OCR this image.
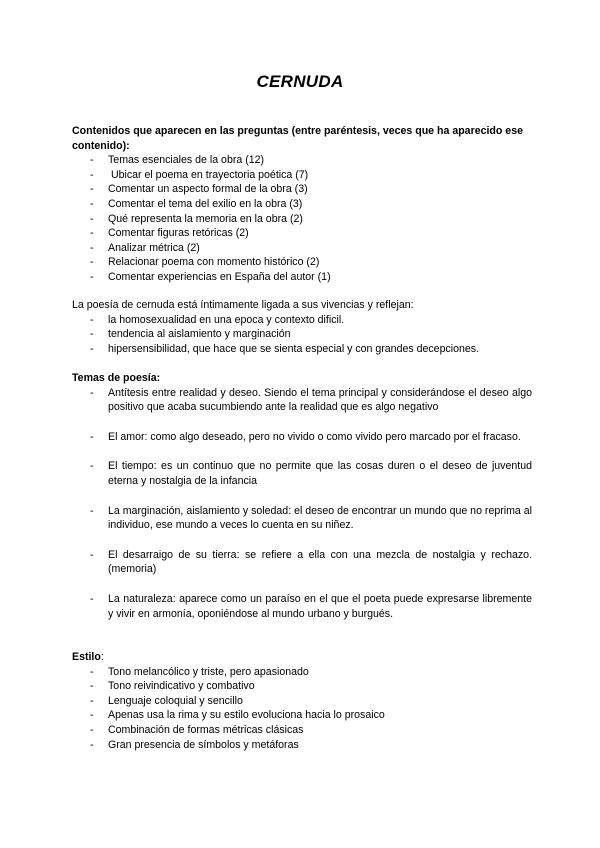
CERNUDA
Contenidos que aparecen en las preguntas (entre paréntesis, veces que ha aparecido ese contenido):
- Temas esenciales de la obra (12)
-  Ubicar el poema en trayectoria poética (7)
- Comentar un aspecto formal de la obra (3)
- Comentar el tema del exilio en la obra (3)
- Qué representa la memoria en la obra (2)
- Comentar figuras retóricas (2)
- Analizar métrica (2)
- Relacionar poema con momento histórico (2)
- Comentar experiencias en España del autor (1)
La poesía de cernuda está íntimamente ligada a sus vivencias y reflejan:
- la homosexualidad en una epoca y contexto dificil.
- tendencia al aislamiento y marginación
- hipersensibilidad, que hace que se sienta especial y con grandes decepciones.
Temas de poesía:
- Antítesis entre realidad y deseo. Siendo el tema principal y considerándose el deseo algo positivo que acaba sucumbiendo ante la realidad que es algo negativo
- El amor: como algo deseado, pero no vivido o como vivido pero marcado por el fracaso.
- El tiempo: es un continuo que no permite que las cosas duren o el deseo de juventud eterna y nostalgia de la infancia
- La marginación, aislamiento y soledad: el deseo de encontrar un mundo que no reprima al individuo, ese mundo a veces lo cuenta en su niñez.
- El desarraigo de su tierra: se refiere a ella con una mezcla de nostalgia y rechazo.(memoria)
- La naturaleza: aparece como un paraíso en el que el poeta puede expresarse libremente y vivir en armonía, oponiéndose al mundo urbano y burgués.
Estilo:
- Tono melancólico y triste, pero apasionado
- Tono reivindicativo y combativo
- Lenguaje coloquial y sencillo
- Apenas usa la rima y su estilo evoluciona hacia lo prosaico
- Combinación de formas métricas clásicas
- Gran presencia de símbolos y metáforas
